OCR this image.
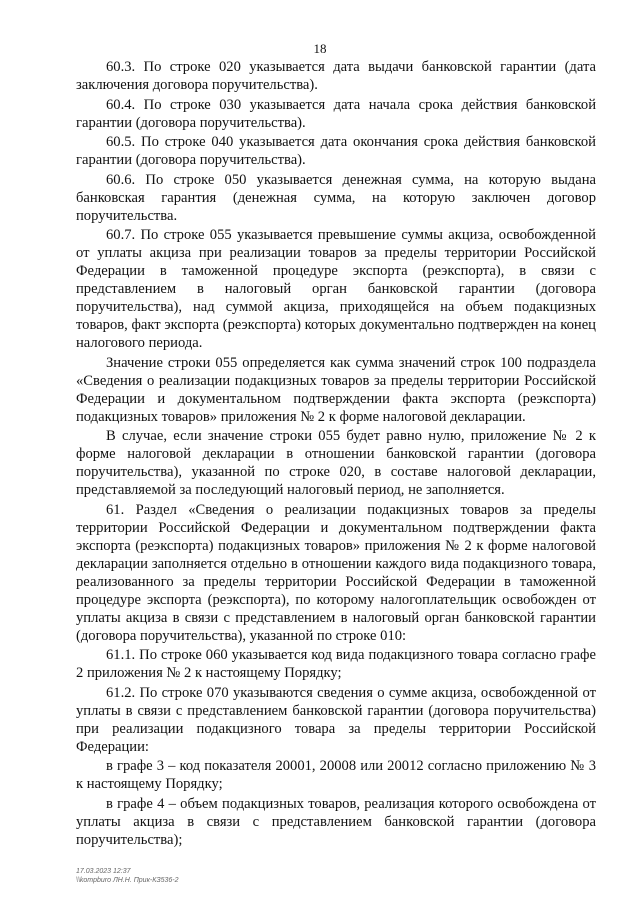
18

60.3. По строке 020 указывается дата выдачи банковской гарантии (дата заключения договора поручительства).

60.4. По строке 030 указывается дата начала срока действия банковской гарантии (договора поручительства).

60.5. По строке 040 указывается дата окончания срока действия банковской гарантии (договора поручительства).

60.6. По строке 050 указывается денежная сумма, на которую выдана банковская гарантия (денежная сумма, на которую заключен договор поручительства.

60.7. По строке 055 указывается превышение суммы акциза, освобожденной от уплаты акциза при реализации товаров за пределы территории Российской Федерации в таможенной процедуре экспорта (реэкспорта), в связи с представлением в налоговый орган банковской гарантии (договора поручительства), над суммой акциза, приходящейся на объем подакцизных товаров, факт экспорта (реэкспорта) которых документально подтвержден на конец налогового периода.

Значение строки 055 определяется как сумма значений строк 100 подраздела «Сведения о реализации подакцизных товаров за пределы территории Российской Федерации и документальном подтверждении факта экспорта (реэкспорта) подакцизных товаров» приложения № 2 к форме налоговой декларации.

В случае, если значение строки 055 будет равно нулю, приложение № 2 к форме налоговой декларации в отношении банковской гарантии (договора поручительства), указанной по строке 020, в составе налоговой декларации, представляемой за последующий налоговый период, не заполняется.

61. Раздел «Сведения о реализации подакцизных товаров за пределы территории Российской Федерации и документальном подтверждении факта экспорта (реэкспорта) подакцизных товаров» приложения № 2 к форме налоговой декларации заполняется отдельно в отношении каждого вида подакцизного товара, реализованного за пределы территории Российской Федерации в таможенной процедуре экспорта (реэкспорта), по которому налогоплательщик освобожден от уплаты акциза в связи с представлением в налоговый орган банковской гарантии (договора поручительства), указанной по строке 010:

61.1. По строке 060 указывается код вида подакцизного товара согласно графе 2 приложения № 2 к настоящему Порядку;

61.2. По строке 070 указываются сведения о сумме акциза, освобожденной от уплаты в связи с представлением банковской гарантии (договора поручительства) при реализации подакцизного товара за пределы территории Российской Федерации:

в графе 3 – код показателя 20001, 20008 или 20012 согласно приложению № 3 к настоящему Порядку;

в графе 4 – объем подакцизных товаров, реализация которого освобождена от уплаты акциза в связи с представлением банковской гарантии (договора поручительства);

17.03.2023 12:37
\\kompburo ЛН.Н. Прик-КЗ536-2
